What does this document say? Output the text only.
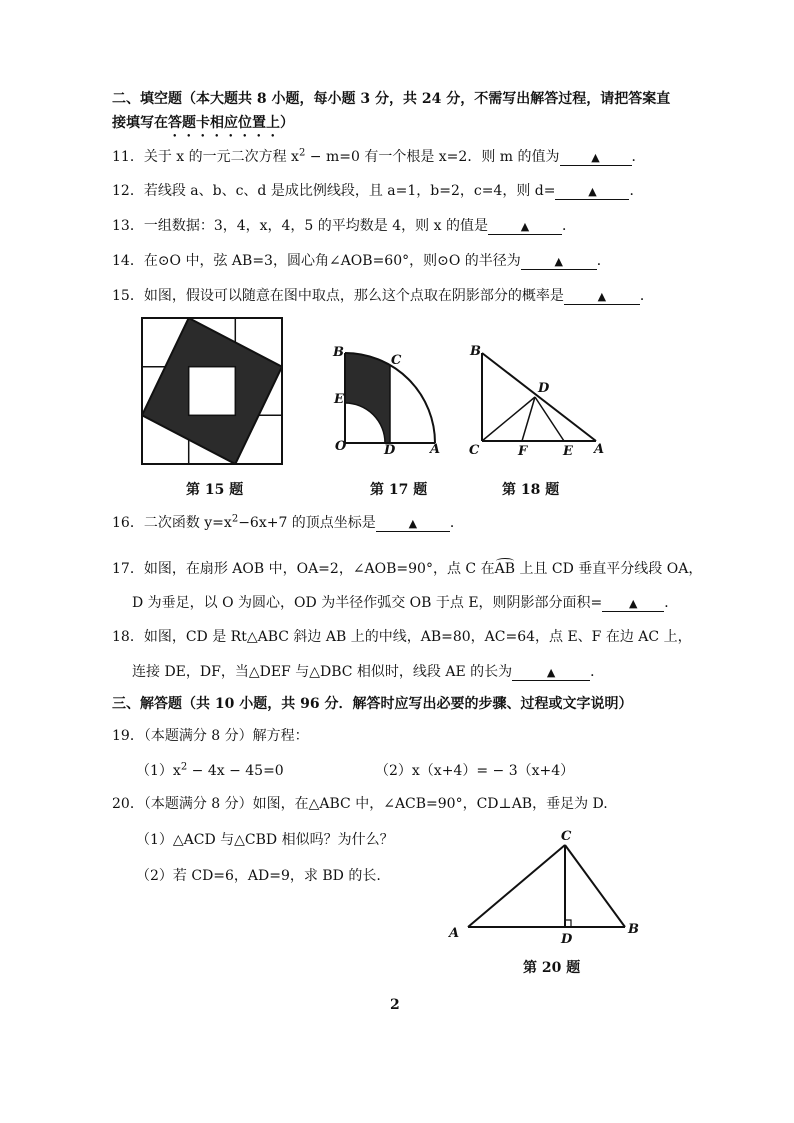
二、填空题（本大题共 8 小题，每小题 3 分，共 24 分，不需写出解答过程，请把答案直
接填写在答题卡相应位置上）
11．关于 x 的一元二次方程 $x^2 - m=0$ 有一个根是 x=2．则 m 的值为	▲ ．
12．若线段 a、b、c、d 是成比例线段，且 a=1，b=2，c=4，则 d=	▲ ．
13．一组数据：3，4，x，4，5 的平均数是 4，则 x 的值是	▲ ．
14．在⊙O 中，弦 AB=3，圆心角∠AOB=60°，则⊙O 的半径为	▲ ．
15．如图，假设可以随意在图中取点，那么这个点取在阴影部分的概率是	▲ ．
第 15 题
B
C
E
O	D	A
第 17 题
B
D
C	F	E A
第 18 题
16．二次函数 $y=x^2-6x+7$ 的顶点坐标是	▲ ．
17．如图，在扇形 AOB 中，OA=2，∠AOB=90°，点 C 在AB 上且 CD 垂直平分线段 OA，
D 为垂足，以 O 为圆心，OD 为半径作弧交 OB 于点 E，则阴影部分面积= ▲ ．
18．如图，CD 是 Rt△ABC 斜边 AB 上的中线，AB=80，AC=64，点 E、F 在边 AC 上，
连接 DE，DF，当△DEF 与△DBC 相似时，线段 AE 的长为	▲ ．
三、解答题（共 10 小题，共 96 分．解答时应写出必要的步骤、过程或文字说明）
19．（本题满分 8 分）解方程：
$(1)x^2 - 4x - 45=0$	（2）x（x+4）= − 3（x+4）
20．（本题满分 8 分）如图，在△ABC 中，∠ACB=90°，CD⊥AB，垂足为 D.
（1）△ACD 与△CBD 相似吗？为什么？
（2）若 CD=6，AD=9，求 BD 的长.
C
A	D
B
第 20 题
2
